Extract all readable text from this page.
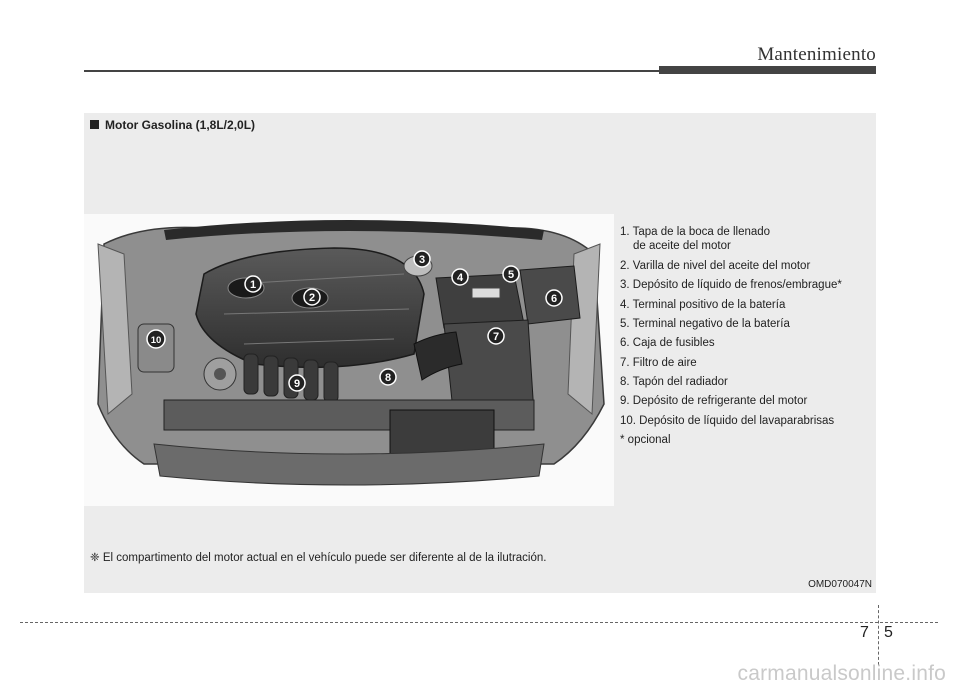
Mantenimiento
Motor Gasolina (1,8L/2,0L)
1
2
3
4	5
6
7
8
9
10
1. Tapa de la boca de llenado
de aceite del motor
2. Varilla de nivel del aceite del motor
3. Depósito de líquido de frenos/embrague*
4. Terminal positivo de la batería
5. Terminal negativo de la batería
6. Caja de fusibles
7. Filtro de aire
8. Tapón del radiador
9. Depósito de refrigerante del motor
10. Depósito de líquido del lavaparabrisas
* opcional
❈ El compartimento del motor actual en el vehículo puede ser diferente al de la ilutración.
OMD070047N
7 5
carmanualsonline.info
